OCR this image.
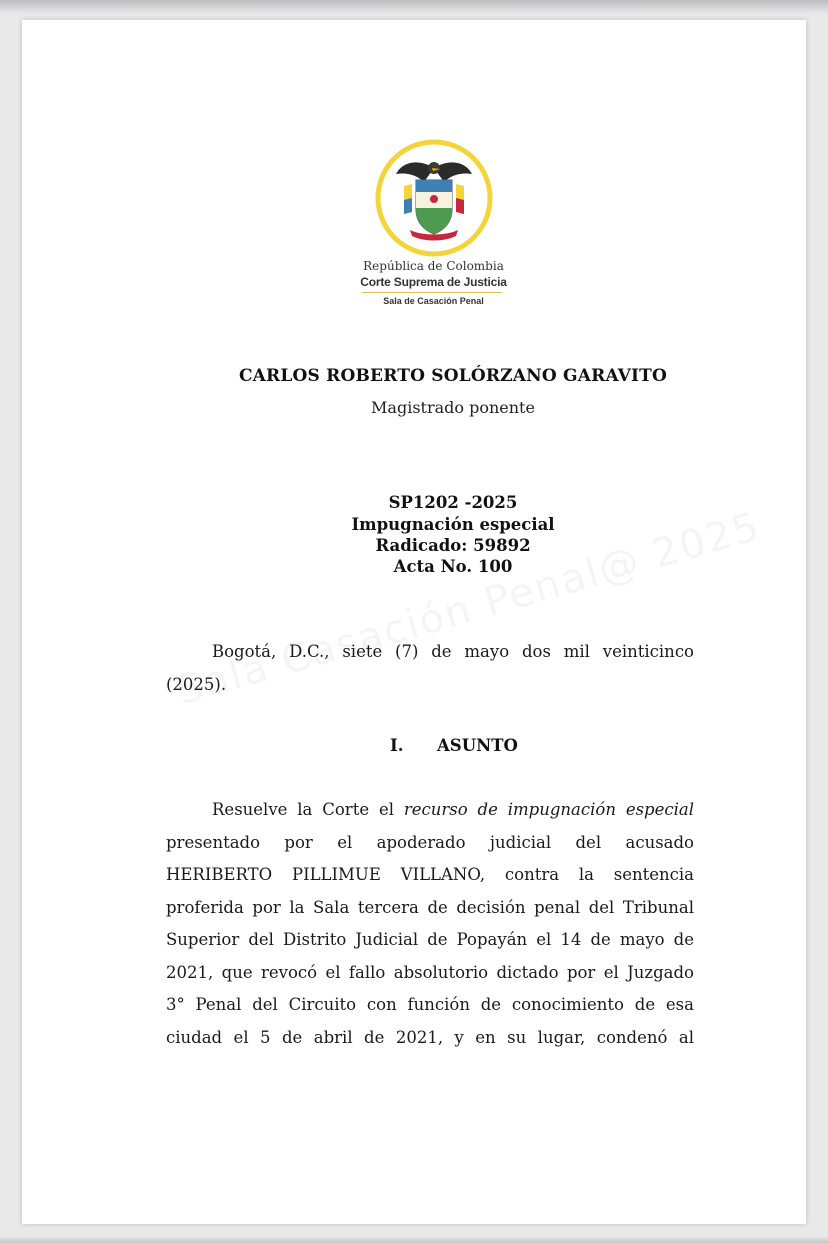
República de Colombia
Corte Suprema de Justicia
Sala de Casación Penal
CARLOS ROBERTO SOLÓRZANO GARAVITO
Magistrado ponente
SP1202 -2025
Impugnación especial
Radicado: 59892
Acta No. 100
Bogotá, D.C., siete (7) de mayo dos mil veinticinco
(2025).
I. ASUNTO
Resuelve la Corte el recurso de impugnación especial
presentado por el apoderado judicial del acusado
HERIBERTO PILLIMUE VILLANO, contra la sentencia
proferida por la Sala tercera de decisión penal del Tribunal
Superior del Distrito Judicial de Popayán el 14 de mayo de
2021, que revocó el fallo absolutorio dictado por el Juzgado
3° Penal del Circuito con función de conocimiento de esa
ciudad el 5 de abril de 2021, y en su lugar, condenó al
